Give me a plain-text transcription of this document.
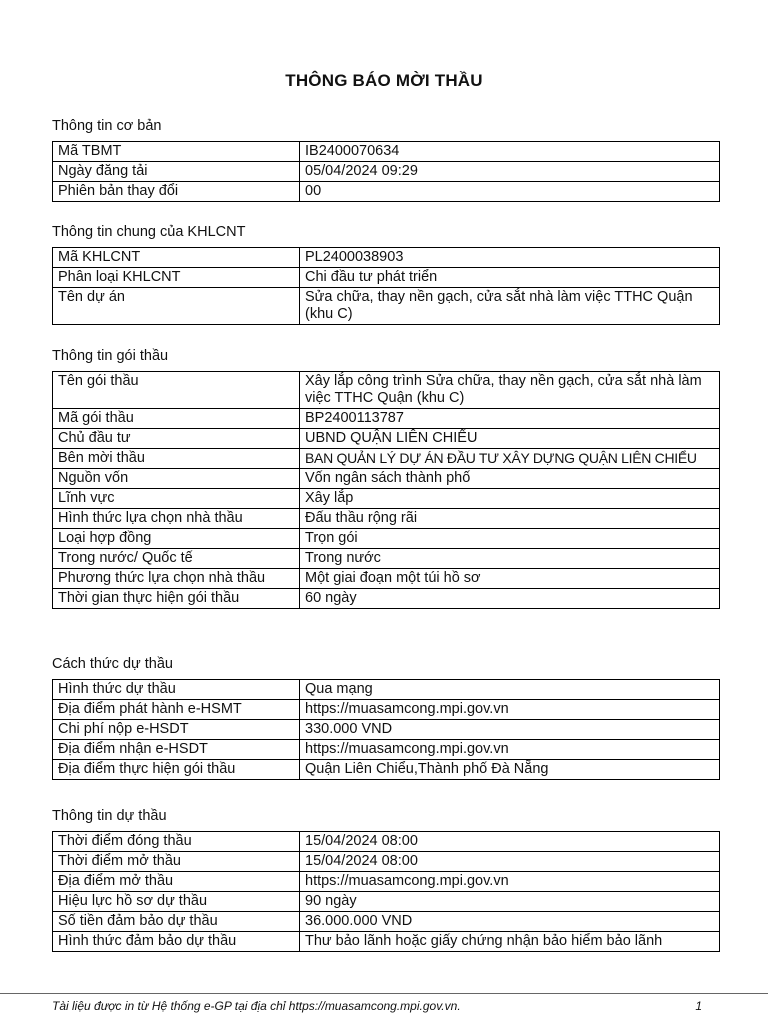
THÔNG BÁO MỜI THẦU
Thông tin cơ bản
Mã TBMT	IB2400070634
Ngày đăng tải	05/04/2024 09:29
Phiên bản thay đổi	00
Thông tin chung của KHLCNT
Mã KHLCNT	PL2400038903
Phân loại KHLCNT	Chi đầu tư phát triển
Tên dự án	Sửa chữa, thay nền gạch, cửa sắt nhà làm việc TTHC Quận (khu C)
Thông tin gói thầu
Tên gói thầu	Xây lắp công trình Sửa chữa, thay nền gạch, cửa sắt nhà làm việc TTHC Quận (khu C)
Mã gói thầu	BP2400113787
Chủ đầu tư	UBND QUẬN LIÊN CHIỂU
Bên mời thầu	BAN QUẢN LÝ DỰ ÁN ĐẦU TƯ XÂY DỰNG QUẬN LIÊN CHIỂU
Nguồn vốn	Vốn ngân sách thành phố
Lĩnh vực	Xây lắp
Hình thức lựa chọn nhà thầu	Đấu thầu rộng rãi
Loại hợp đồng	Trọn gói
Trong nước/ Quốc tế	Trong nước
Phương thức lựa chọn nhà thầu	Một giai đoạn một túi hồ sơ
Thời gian thực hiện gói thầu	60 ngày
Cách thức dự thầu
Hình thức dự thầu	Qua mạng
Địa điểm phát hành e-HSMT	https://muasamcong.mpi.gov.vn
Chi phí nộp e-HSDT	330.000 VND
Địa điểm nhận e-HSDT	https://muasamcong.mpi.gov.vn
Địa điểm thực hiện gói thầu	Quận Liên Chiểu,Thành phố Đà Nẵng
Thông tin dự thầu
Thời điểm đóng thầu	15/04/2024 08:00
Thời điểm mở thầu	15/04/2024 08:00
Địa điểm mở thầu	https://muasamcong.mpi.gov.vn
Hiệu lực hồ sơ dự thầu	90 ngày
Số tiền đảm bảo dự thầu	36.000.000 VND
Hình thức đảm bảo dự thầu	Thư bảo lãnh hoặc giấy chứng nhận bảo hiểm bảo lãnh
Tài liệu được in từ Hệ thống e-GP tại địa chỉ https://muasamcong.mpi.gov.vn.	1
